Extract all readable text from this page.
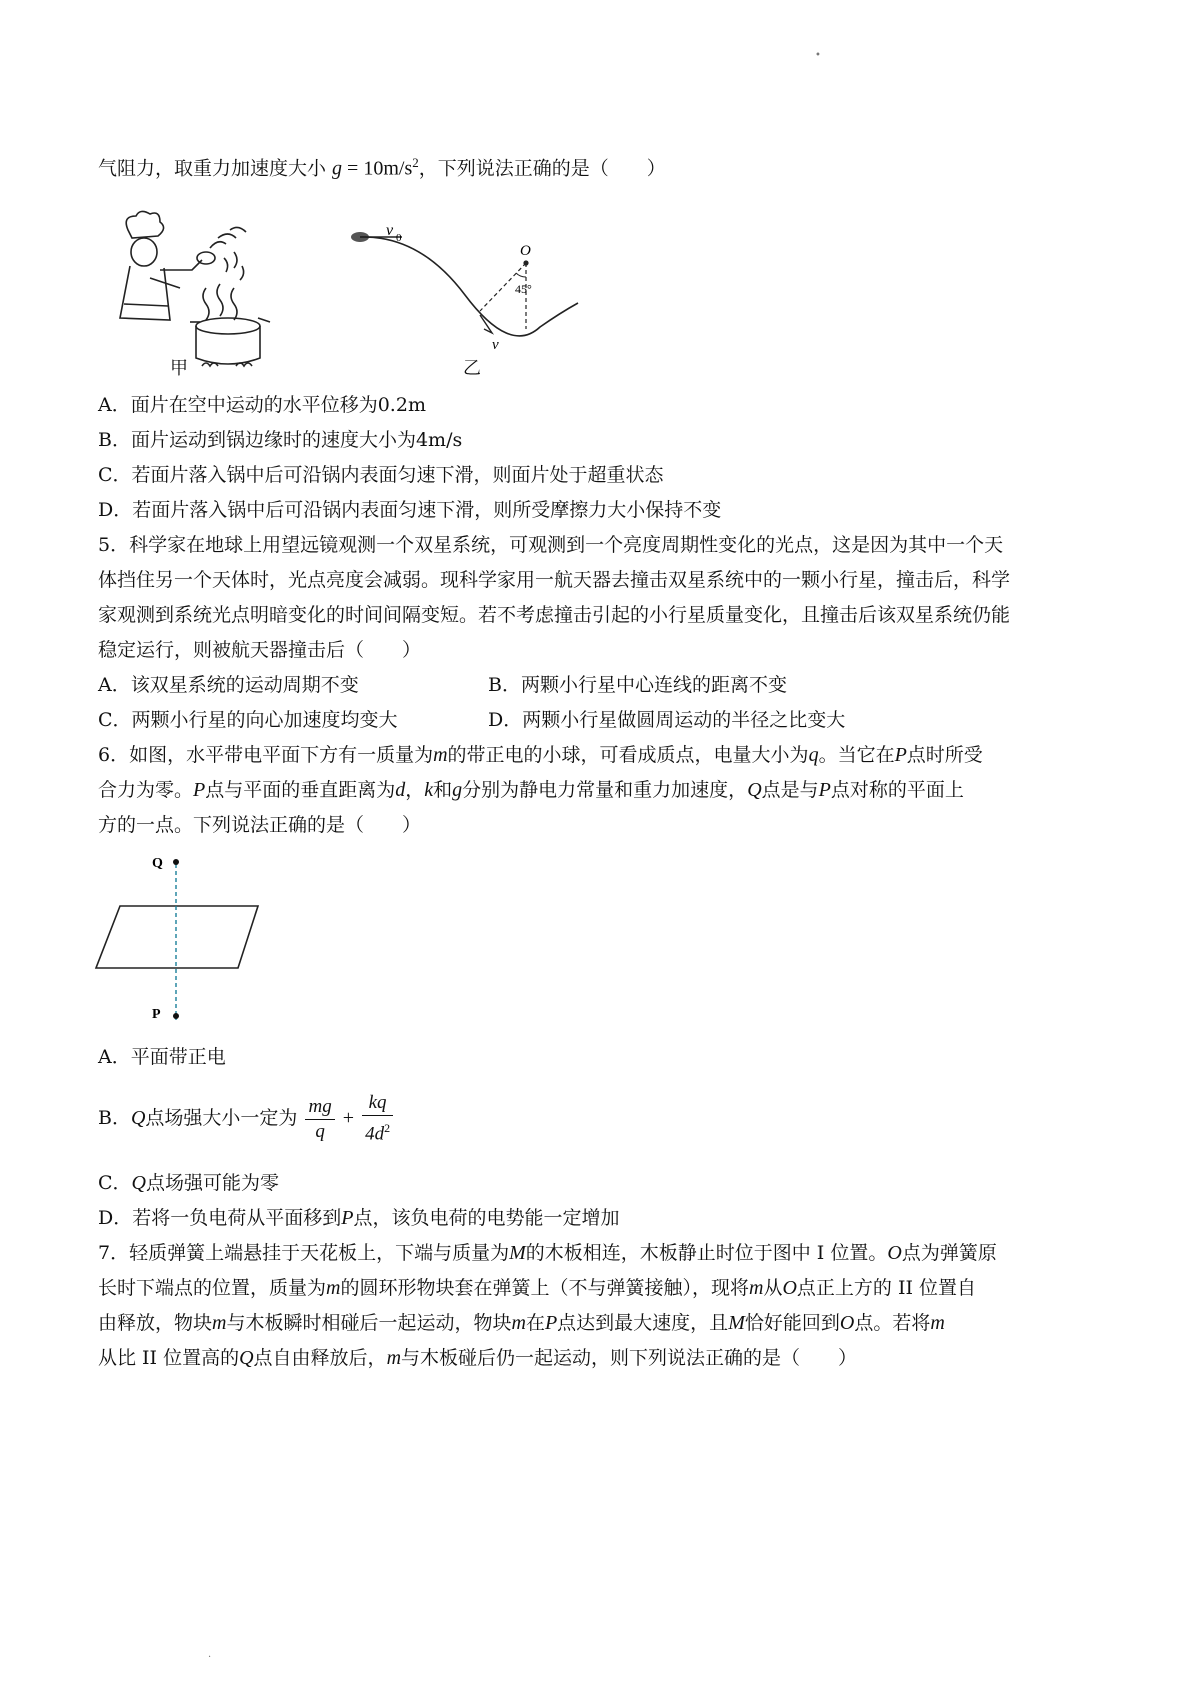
•
气阻力，取重力加速度大小 $g = 10m/s^2$，下列说法正确的是（　　）
甲
v 0
O
45°
v
乙
A．面片在空中运动的水平位移为0.2m
B．面片运动到锅边缘时的速度大小为4m/s
C．若面片落入锅中后可沿锅内表面匀速下滑，则面片处于超重状态
D．若面片落入锅中后可沿锅内表面匀速下滑，则所受摩擦力大小保持不变
5．科学家在地球上用望远镜观测一个双星系统，可观测到一个亮度周期性变化的光点，这是因为其中一个天
体挡住另一个天体时，光点亮度会减弱。现科学家用一航天器去撞击双星系统中的一颗小行星，撞击后，科学
家观测到系统光点明暗变化的时间间隔变短。若不考虑撞击引起的小行星质量变化，且撞击后该双星系统仍能
稳定运行，则被航天器撞击后（　　）
A．该双星系统的运动周期不变	B．两颗小行星中心连线的距离不变
C．两颗小行星的向心加速度均变大	D．两颗小行星做圆周运动的半径之比变大
6．如图，水平带电平面下方有一质量为m的带正电的小球，可看成质点，电量大小为q。当它在P点时所受
合力为零。P点与平面的垂直距离为d，k和g分别为静电力常量和重力加速度，Q点是与P点对称的平面上
方的一点。下列说法正确的是（　　）
Q
P
A．平面带正电
B．Q点场强大小一定为 $\frac{mg}{q} + \frac{kq}{4d^2}$
C．Q点场强可能为零
D．若将一负电荷从平面移到P点，该负电荷的电势能一定增加
7．轻质弹簧上端悬挂于天花板上，下端与质量为M的木板相连，木板静止时位于图中 I 位置。O点为弹簧原
长时下端点的位置，质量为m的圆环形物块套在弹簧上（不与弹簧接触），现将m从O点正上方的 II 位置自
由释放，物块m与木板瞬时相碰后一起运动，物块m在P点达到最大速度，且M恰好能回到O点。若将m
从比 II 位置高的Q点自由释放后，m与木板碰后仍一起运动，则下列说法正确的是（　　）
·
